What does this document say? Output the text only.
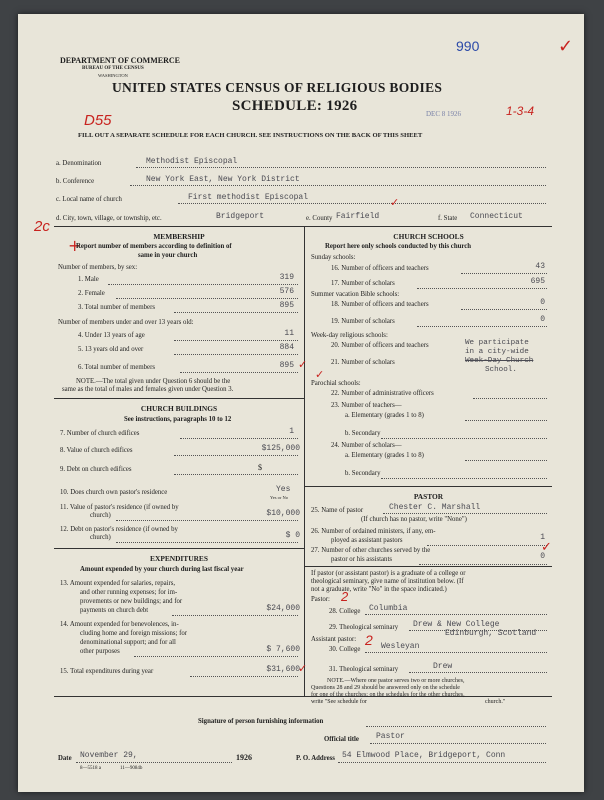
DEPARTMENT OF COMMERCE
BUREAU OF THE CENSUS
WASHINGTON
990	✓
UNITED STATES CENSUS OF RELIGIOUS BODIES
SCHEDULE: 1926
D55	DEC 8 1926	1-3-4
FILL OUT A SEPARATE SCHEDULE FOR EACH CHURCH. SEE INSTRUCTIONS ON THE BACK OF THIS SHEET
a. Denomination	Methodist Episcopal
b. Conference	New York East, New York District
c. Local name of church	First methodist Episcopal	✓
d. City, town, village, or township, etc.	Bridgeport	e. County Fairfield	f. State Connecticut
2c
+	MEMBERSHIP
Report number of members according to definition of
same in your church
Number of members, by sex:
1. Male	319
2. Female	576
3. Total number of members	895
Number of members under and over 13 years old:
4. Under 13 years of age	11
5. 13 years old and over	884
6. Total number of members	895 ✓
NOTE.—The total given under Question 6 should be the
same as the total of males and females given under Question 3.
CHURCH BUILDINGS
See instructions, paragraphs 10 to 12
7. Number of church edifices	1
8. Value of church edifices	$125,000
9. Debt on church edifices	$
10. Does church own pastor's residence	Yes
Yes or No
11. Value of pastor's residence (if owned by
church)	$10,000
12. Debt on pastor's residence (if owned by
church)	$ 0
EXPENDITURES
Amount expended by your church during last fiscal year
13. Amount expended for salaries, repairs,
and other running expenses; for im-
provements or new buildings; and for
payments on church debt	$24,000
14. Amount expended for benevolences, in-
cluding home and foreign missions; for
denominational support; and for all
other purposes	$ 7,600
15. Total expenditures during year	$31,600
✓
CHURCH SCHOOLS
Report here only schools conducted by this church
Sunday schools:
16. Number of officers and teachers	43
17. Number of scholars	695
Summer vacation Bible schools:
18. Number of officers and teachers	0
19. Number of scholars	0
Week-day religious schools:
20. Number of officers and teachers
21. Number of scholars
✓
We participate
in a city-wide
Week-Day Church
School.
Parochial schools:
22. Number of administrative officers
23. Number of teachers—
a. Elementary (grades 1 to 8)
b. Secondary
24. Number of scholars—
a. Elementary (grades 1 to 8)
b. Secondary
PASTOR
25. Name of pastor	Chester C. Marshall
(If church has no pastor, write "None")
26. Number of ordained ministers, if any, em-
ployed as assistant pastors	1
27. Number of other churches served by the
pastor or his assistants	0
✓
If pastor (or assistant pastor) is a graduate of a college or
theological seminary, give name of institution below. (If
not a graduate, write "No" in the space indicated.)
Pastor: 2
28. College Columbia
29. Theological seminary Drew & New College
Edinburgh, Scotland
Assistant pastor: 2
30. College	Wesleyan
31. Theological seminary	Drew
NOTE.—Where one pastor serves two or more churches,
Questions 28 and 29 should be answered only on the schedule
for one of the churches; on the schedules for the other churches,
write "See schedule for	church."
Signature of person furnishing information
Official title Pastor
Date November 29,	1926	P. O. Address 54 Elmwood Place, Bridgeport, Conn
8—5518 a	11—9084b
